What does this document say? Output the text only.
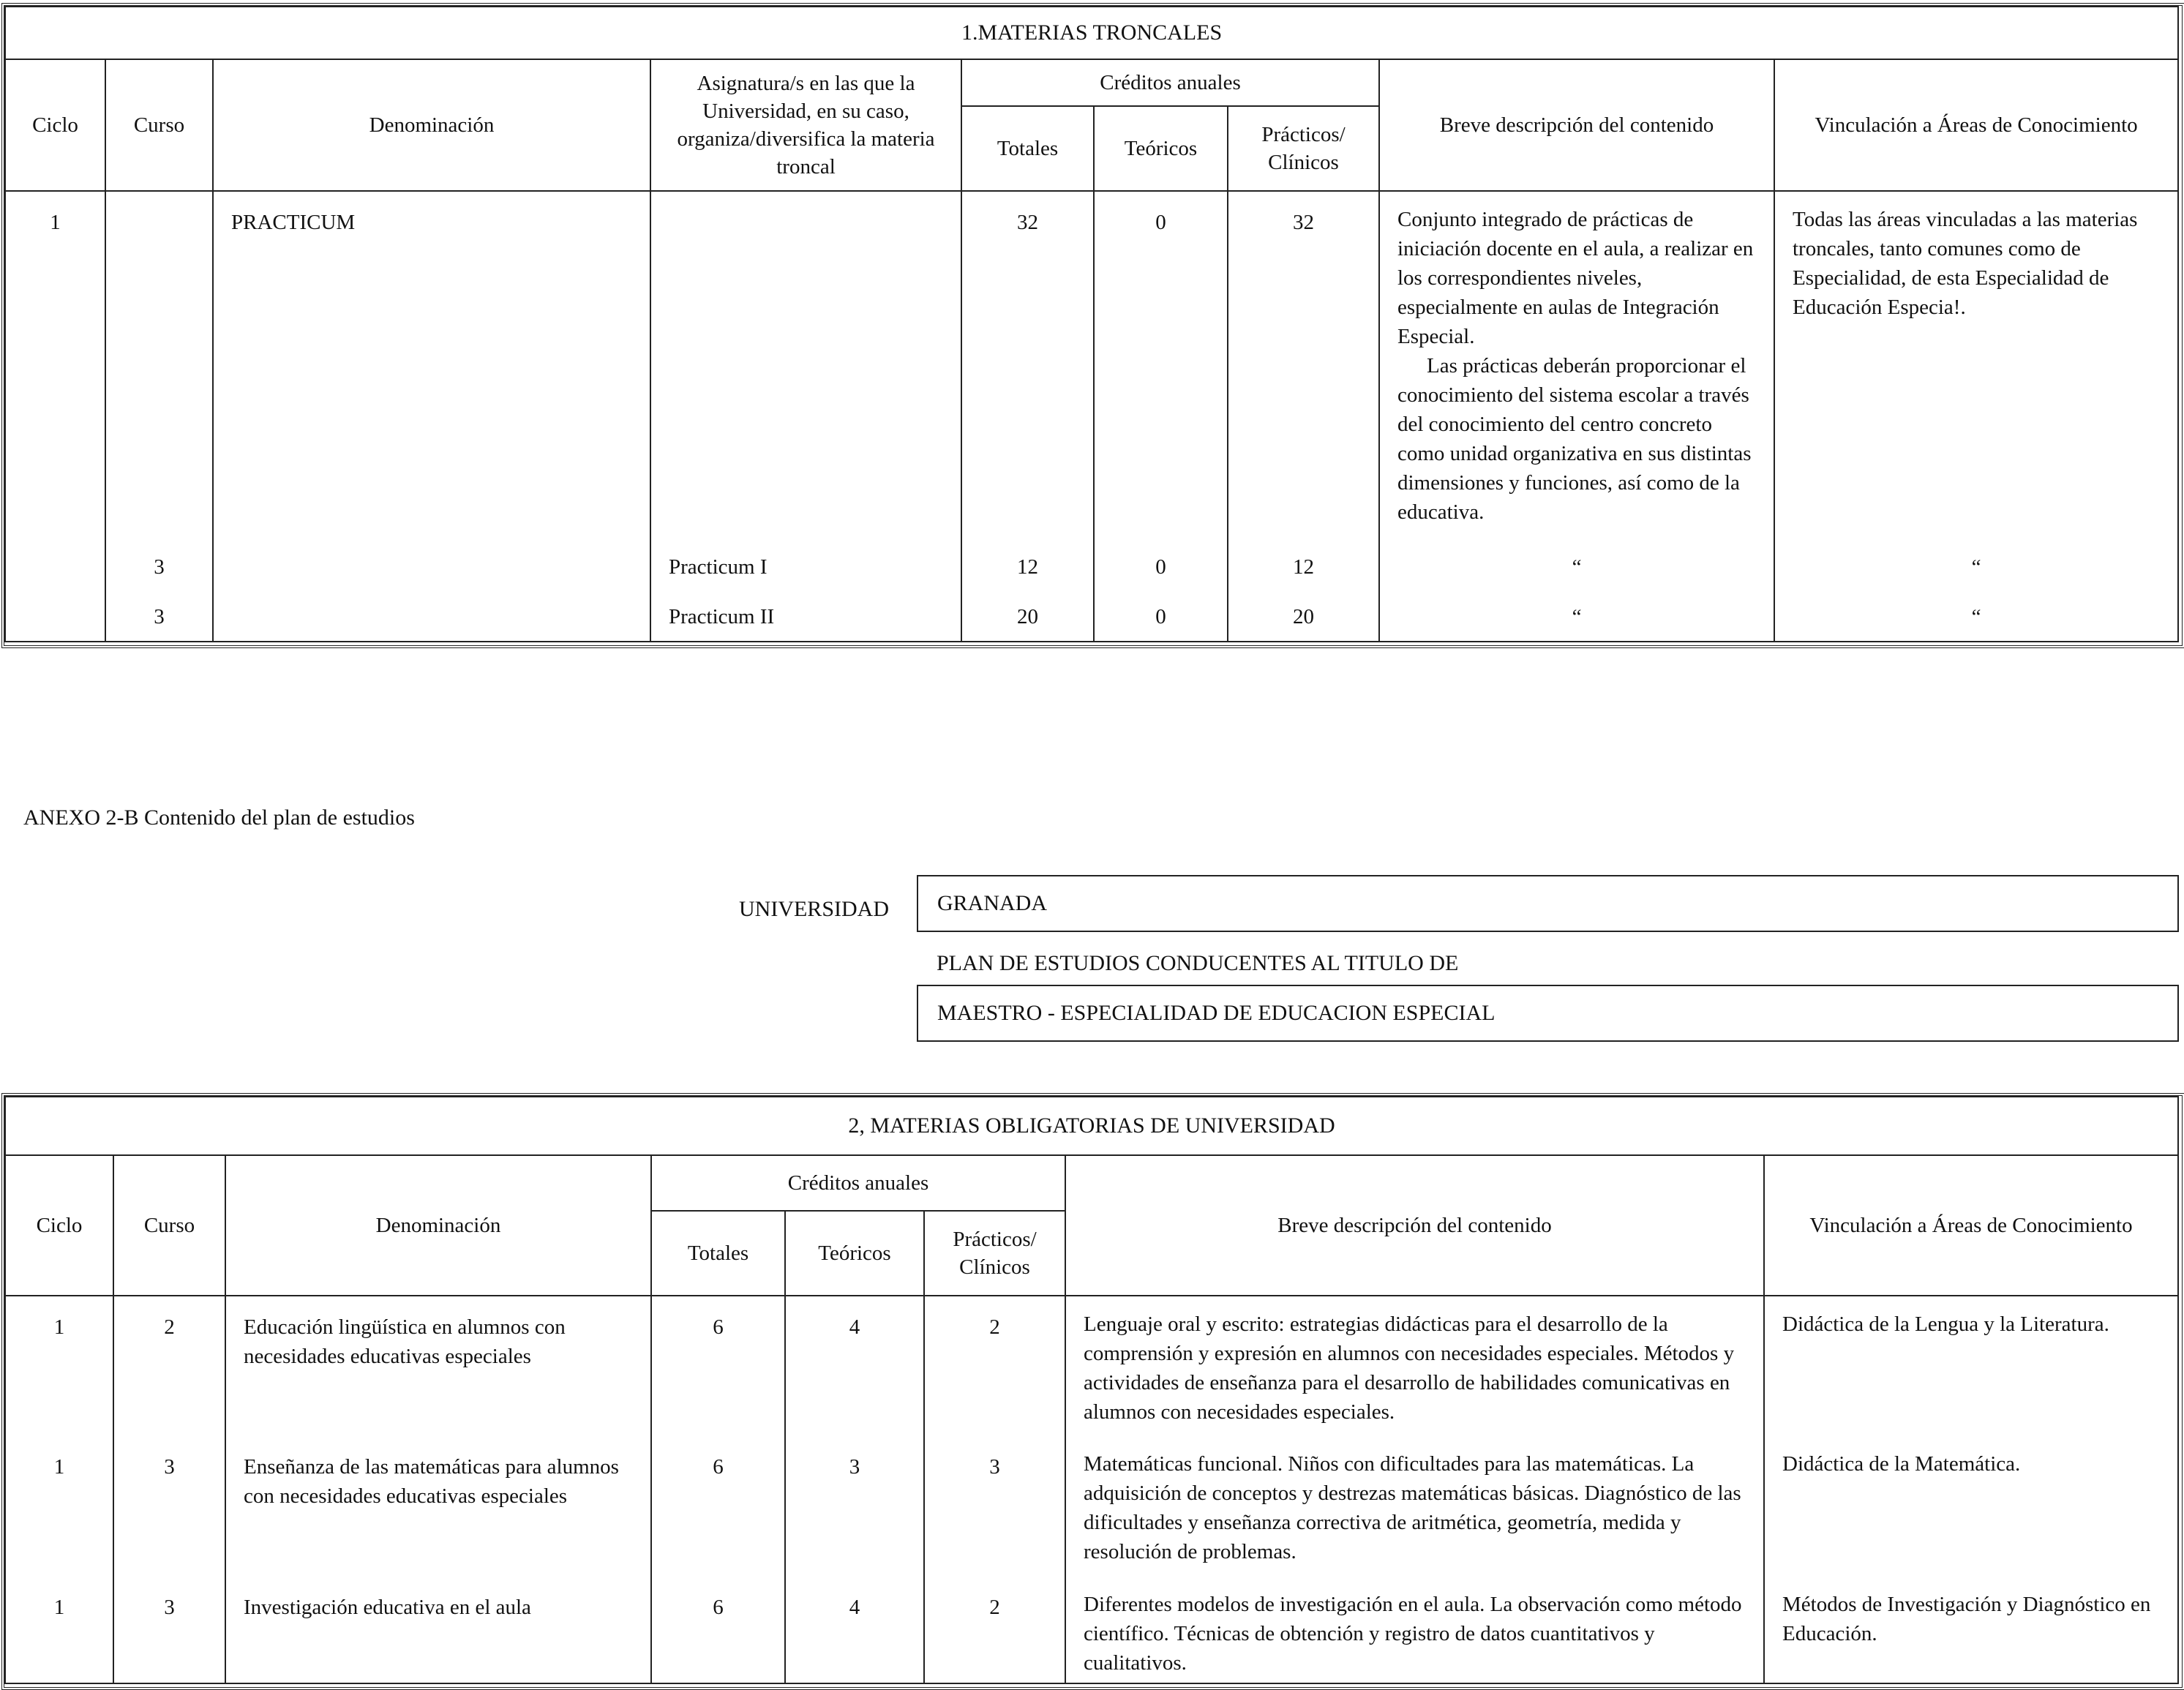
1.MATERIAS TRONCALES								
Ciclo	Curso	Denominación	Asignatura/s en las que la Universidad, en su caso, organiza/diversifica la materia troncal	Créditos anuales			Breve descripción del contenido	Vinculación a Áreas de Conocimiento
				Totales	Teóricos	Prácticos/ Clínicos		
1		PRACTICUM		32	0	32	Conjunto integrado de prácticas de iniciación docente en el aula, a realizar en los correspondientes niveles, especialmente en aulas de Integración Especial.
Las prácticas deberán proporcionar el conocimiento del sistema escolar a través del conocimiento del centro concreto como unidad organizativa en sus distintas dimensiones y funciones, así como de la educativa.	Todas las áreas vinculadas a las materias troncales, tanto comunes como de Especialidad, de esta Especialidad de Educación Especia!.
	3		Practicum I	12	0	12	“	“
	3		Practicum II	20	0	20	“	“
ANEXO 2-B Contenido del plan de estudios
UNIVERSIDAD GRANADA
PLAN DE ESTUDIOS CONDUCENTES AL TITULO DE
MAESTRO - ESPECIALIDAD DE EDUCACION ESPECIAL
2, MATERIAS OBLIGATORIAS DE UNIVERSIDAD							
Ciclo	Curso	Denominación	Créditos anuales			Breve descripción del contenido	Vinculación a Áreas de Conocimiento
			Totales	Teóricos	Prácticos/ Clínicos		
1	2	Educación lingüística en alumnos con necesidades educativas especiales	6	4	2	Lenguaje oral y escrito: estrategias didácticas para el desarrollo de la comprensión y expresión en alumnos con necesidades especiales. Métodos y actividades de enseñanza para el desarrollo de habilidades comunicativas en alumnos con necesidades especiales.	Didáctica de la Lengua y la Literatura.
1	3	Enseñanza de las matemáticas para alumnos con necesidades educativas especiales	6	3	3	Matemáticas funcional. Niños con dificultades para las matemáticas. La adquisición de conceptos y destrezas matemáticas básicas. Diagnóstico de las dificultades y enseñanza correctiva de aritmética, geometría, medida y resolución de problemas.	Didáctica de la Matemática.
1	3	Investigación educativa en el aula	6	4	2	Diferentes modelos de investigación en el aula. La observación como método científico. Técnicas de obtención y registro de datos cuantitativos y cualitativos.	Métodos de Investigación y Diagnóstico en Educación.
